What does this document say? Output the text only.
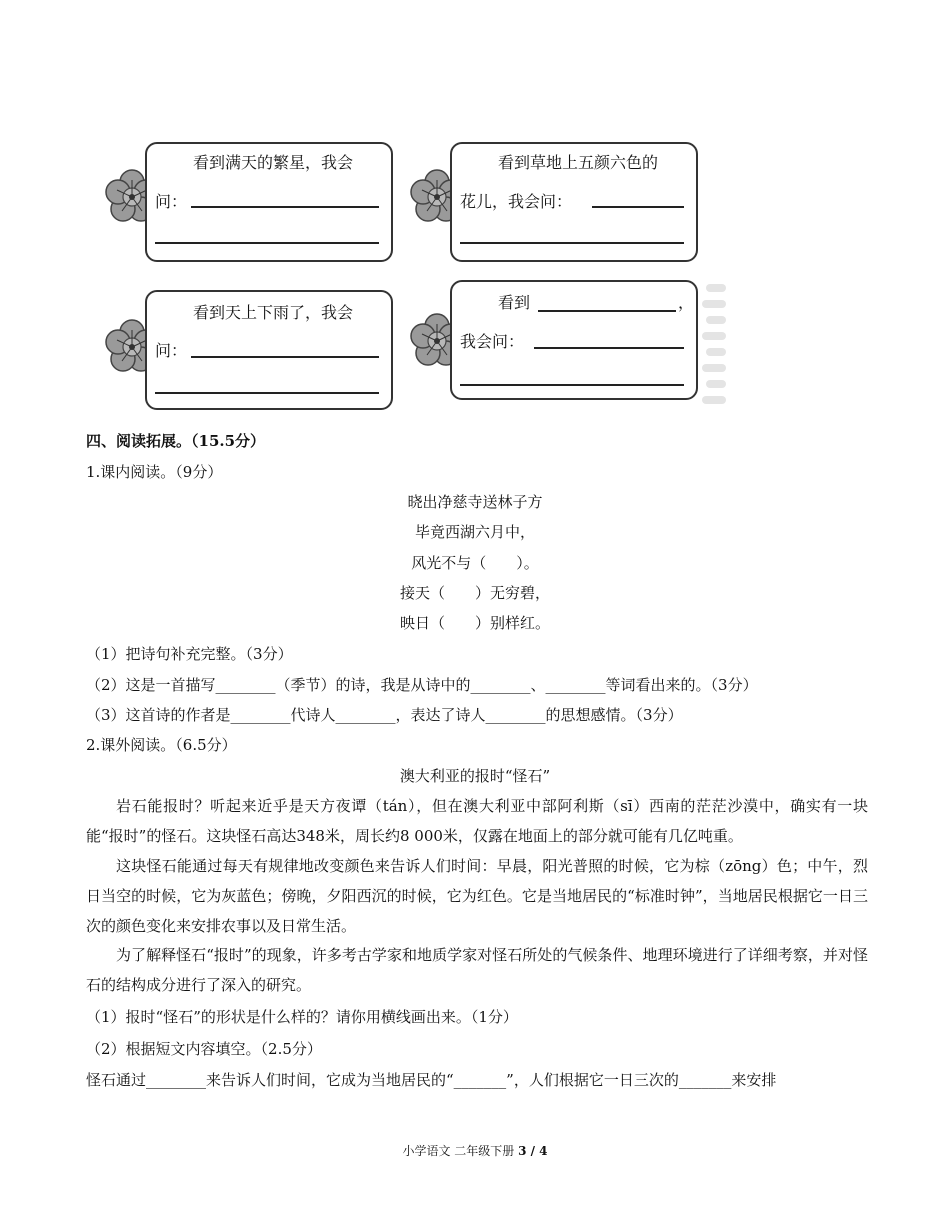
看到满天的繁星，我会
问：
看到草地上五颜六色的
花儿，我会问：
看到天上下雨了，我会
问：
看到	，
我会问：
四、阅读拓展。（15.5分）
1.课内阅读。（9分）
晓出净慈寺送林子方
毕竟西湖六月中，
风光不与（　　）。
接天（　　）无穷碧，
映日（　　）别样红。
（1）把诗句补充完整。（3分）
（2）这是一首描写________（季节）的诗，我是从诗中的________、________等词看出来的。（3分）
（3）这首诗的作者是________代诗人________，表达了诗人________的思想感情。（3分）
2.课外阅读。（6.5分）
澳大利亚的报时“怪石”
岩石能报时？听起来近乎是天方夜谭（tán），但在澳大利亚中部阿利斯（sī）西南的茫茫沙漠中，确实有一块能“报时”的怪石。这块怪石高达348米，周长约8 000米，仅露在地面上的部分就可能有几亿吨重。
这块怪石能通过每天有规律地改变颜色来告诉人们时间：早晨，阳光普照的时候，它为棕（zōng）色；中午，烈日当空的时候，它为灰蓝色；傍晚，夕阳西沉的时候，它为红色。它是当地居民的“标准时钟”，当地居民根据它一日三次的颜色变化来安排农事以及日常生活。
为了解释怪石“报时”的现象，许多考古学家和地质学家对怪石所处的气候条件、地理环境进行了详细考察，并对怪石的结构成分进行了深入的研究。
（1）报时“怪石”的形状是什么样的？请你用横线画出来。（1分）
（2）根据短文内容填空。（2.5分）
怪石通过________来告诉人们时间，它成为当地居民的“_______”，人们根据它一日三次的_______来安排
小学语文 二年级下册 3 / 4
